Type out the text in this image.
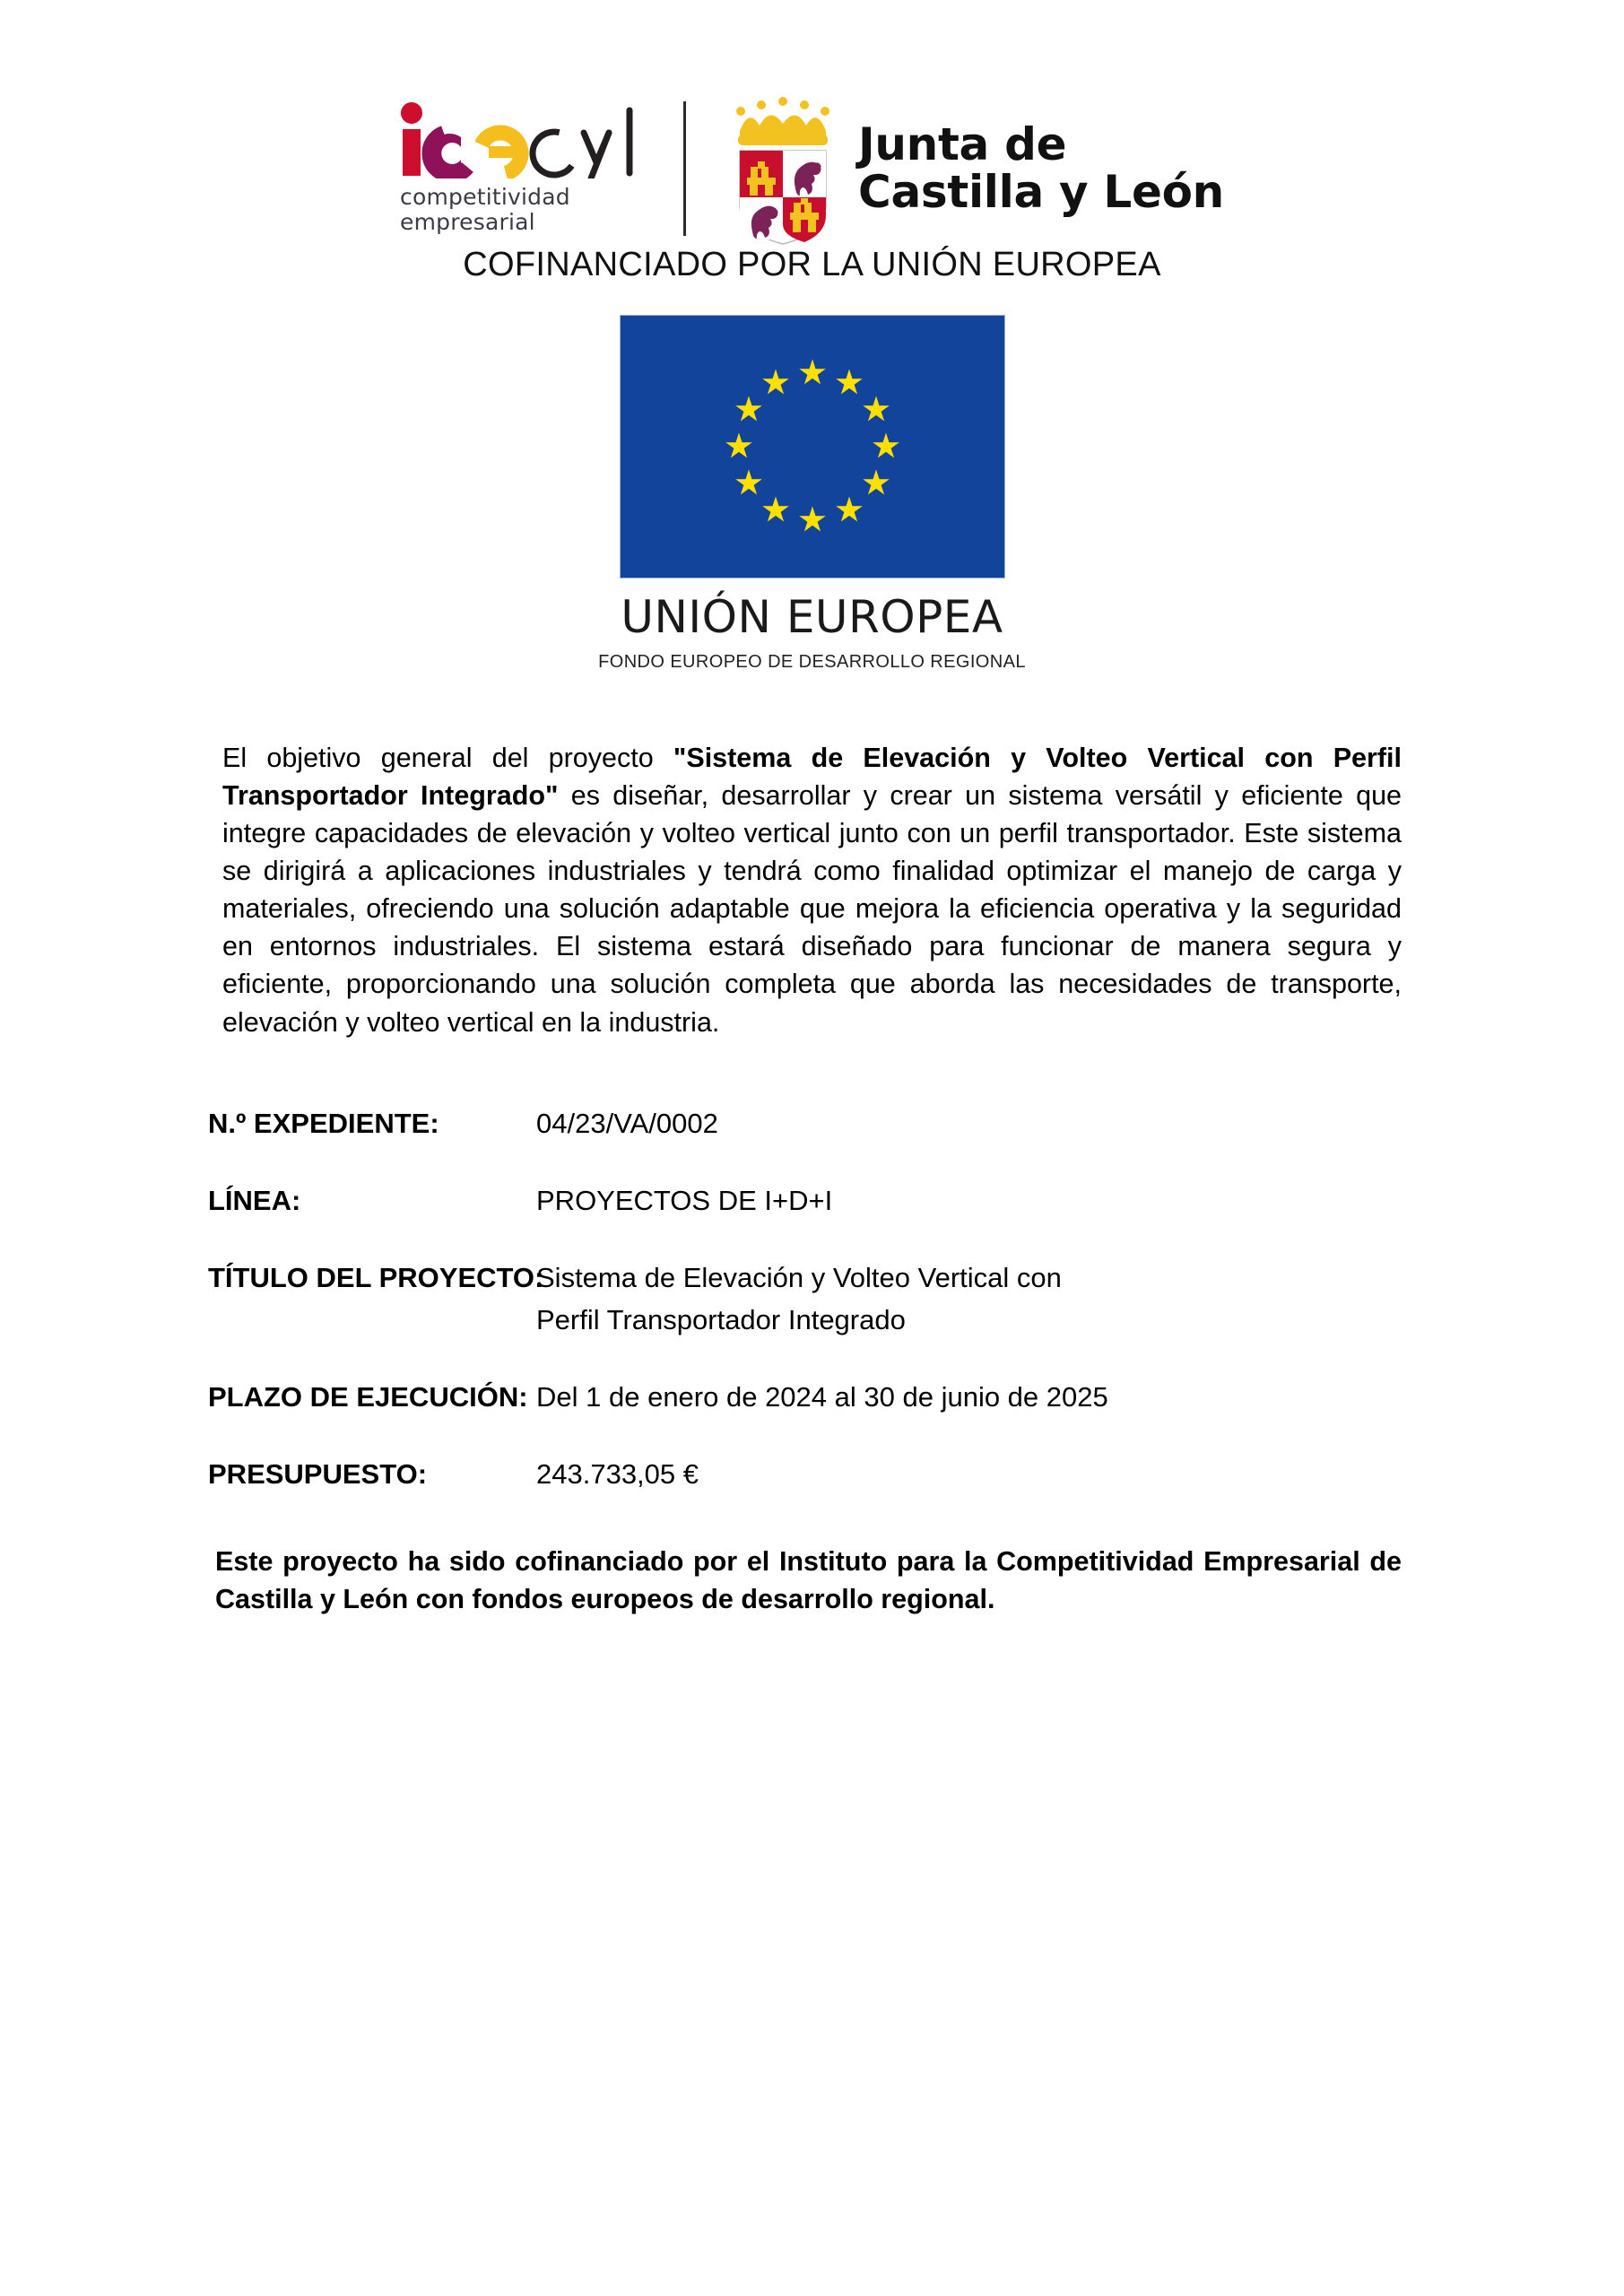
competitividad
empresarial
Junta de
Castilla y León
COFINANCIADO POR LA UNIÓN EUROPEA
UNIÓN EUROPEA
FONDO EUROPEO DE DESARROLLO REGIONAL

El objetivo general del proyecto "Sistema de Elevación y Volteo Vertical con Perfil Transportador Integrado" es diseñar, desarrollar y crear un sistema versátil y eficiente que integre capacidades de elevación y volteo vertical junto con un perfil transportador. Este sistema se dirigirá a aplicaciones industriales y tendrá como finalidad optimizar el manejo de carga y materiales, ofreciendo una solución adaptable que mejora la eficiencia operativa y la seguridad en entornos industriales. El sistema estará diseñado para funcionar de manera segura y eficiente, proporcionando una solución completa que aborda las necesidades de transporte, elevación y volteo vertical en la industria.

N.º EXPEDIENTE:	04/23/VA/0002
LÍNEA:	PROYECTOS DE I+D+I
TÍTULO DEL PROYECTO:
Sistema de Elevación y Volteo Vertical con
Perfil Transportador Integrado
PLAZO DE EJECUCIÓN: Del 1 de enero de 2024 al 30 de junio de 2025
PRESUPUESTO:	243.733,05 €

Este proyecto ha sido cofinanciado por el Instituto para la Competitividad Empresarial de Castilla y León con fondos europeos de desarrollo regional.
